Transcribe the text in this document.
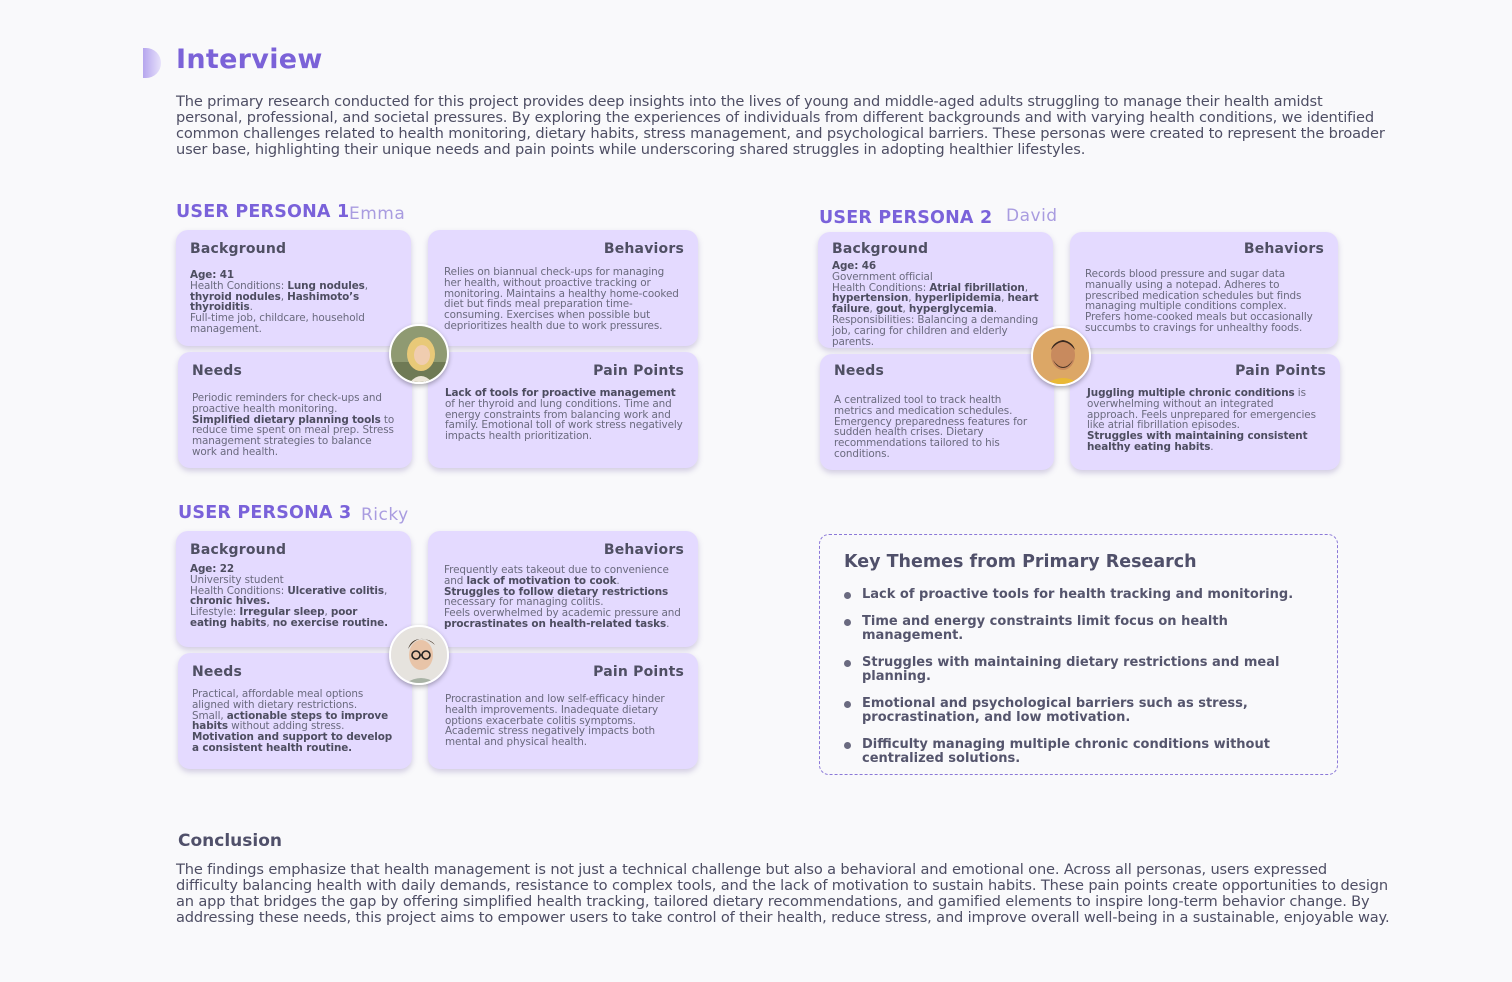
Interview

The primary research conducted for this project provides deep insights into the lives of young and middle-aged adults struggling to manage their health amidst personal, professional, and societal pressures. By exploring the experiences of individuals from different backgrounds and with varying health conditions, we identified common challenges related to health monitoring, dietary habits, stress management, and psychological barriers. These personas were created to represent the broader user base, highlighting their unique needs and pain points while underscoring shared struggles in adopting healthier lifestyles.

USER PERSONA 1 Emma
Background

Age: 41
Health Conditions: Lung nodules, thyroid nodules, Hashimoto’s thyroiditis.
Full-time job, childcare, household management.

Behaviors

Relies on biannual check-ups for managing her health, without proactive tracking or monitoring. Maintains a healthy home-cooked diet but finds meal preparation time-consuming. Exercises when possible but deprioritizes health due to work pressures.

Needs

Periodic reminders for check-ups and proactive health monitoring. Simplified dietary planning tools to reduce time spent on meal prep. Stress management strategies to balance work and health.

Pain Points

Lack of tools for proactive management of her thyroid and lung conditions. Time and energy constraints from balancing work and family. Emotional toll of work stress negatively impacts health prioritization.

USER PERSONA 2 David
Background

Age: 46
Government official
Health Conditions: Atrial fibrillation, hypertension, hyperlipidemia, heart failure, gout, hyperglycemia.
Responsibilities: Balancing a demanding job, caring for children and elderly parents.

Behaviors

Records blood pressure and sugar data manually using a notepad. Adheres to prescribed medication schedules but finds managing multiple conditions complex. Prefers home-cooked meals but occasionally succumbs to cravings for unhealthy foods.

Needs

A centralized tool to track health metrics and medication schedules. Emergency preparedness features for sudden health crises. Dietary recommendations tailored to his conditions.

Pain Points

Juggling multiple chronic conditions is overwhelming without an integrated approach. Feels unprepared for emergencies like atrial fibrillation episodes.
Struggles with maintaining consistent healthy eating habits.

USER PERSONA 3 Ricky
Background

Age: 22
University student
Health Conditions: Ulcerative colitis, chronic hives.
Lifestyle: Irregular sleep, poor eating habits, no exercise routine.

Behaviors

Frequently eats takeout due to convenience and lack of motivation to cook.
Struggles to follow dietary restrictions necessary for managing colitis.
Feels overwhelmed by academic pressure and procrastinates on health-related tasks.

Needs

Practical, affordable meal options aligned with dietary restrictions.
Small, actionable steps to improve habits without adding stress.
Motivation and support to develop a consistent health routine.

Pain Points

Procrastination and low self-efficacy hinder health improvements. Inadequate dietary options exacerbate colitis symptoms. Academic stress negatively impacts both mental and physical health.

Key Themes from Primary Research
Lack of proactive tools for health tracking and monitoring.
Time and energy constraints limit focus on health management.
Struggles with maintaining dietary restrictions and meal planning.
Emotional and psychological barriers such as stress, procrastination, and low motivation.
Difficulty managing multiple chronic conditions without centralized solutions.
Conclusion

The findings emphasize that health management is not just a technical challenge but also a behavioral and emotional one. Across all personas, users expressed difficulty balancing health with daily demands, resistance to complex tools, and the lack of motivation to sustain habits. These pain points create opportunities to design an app that bridges the gap by offering simplified health tracking, tailored dietary recommendations, and gamified elements to inspire long-term behavior change. By addressing these needs, this project aims to empower users to take control of their health, reduce stress, and improve overall well-being in a sustainable, enjoyable way.
